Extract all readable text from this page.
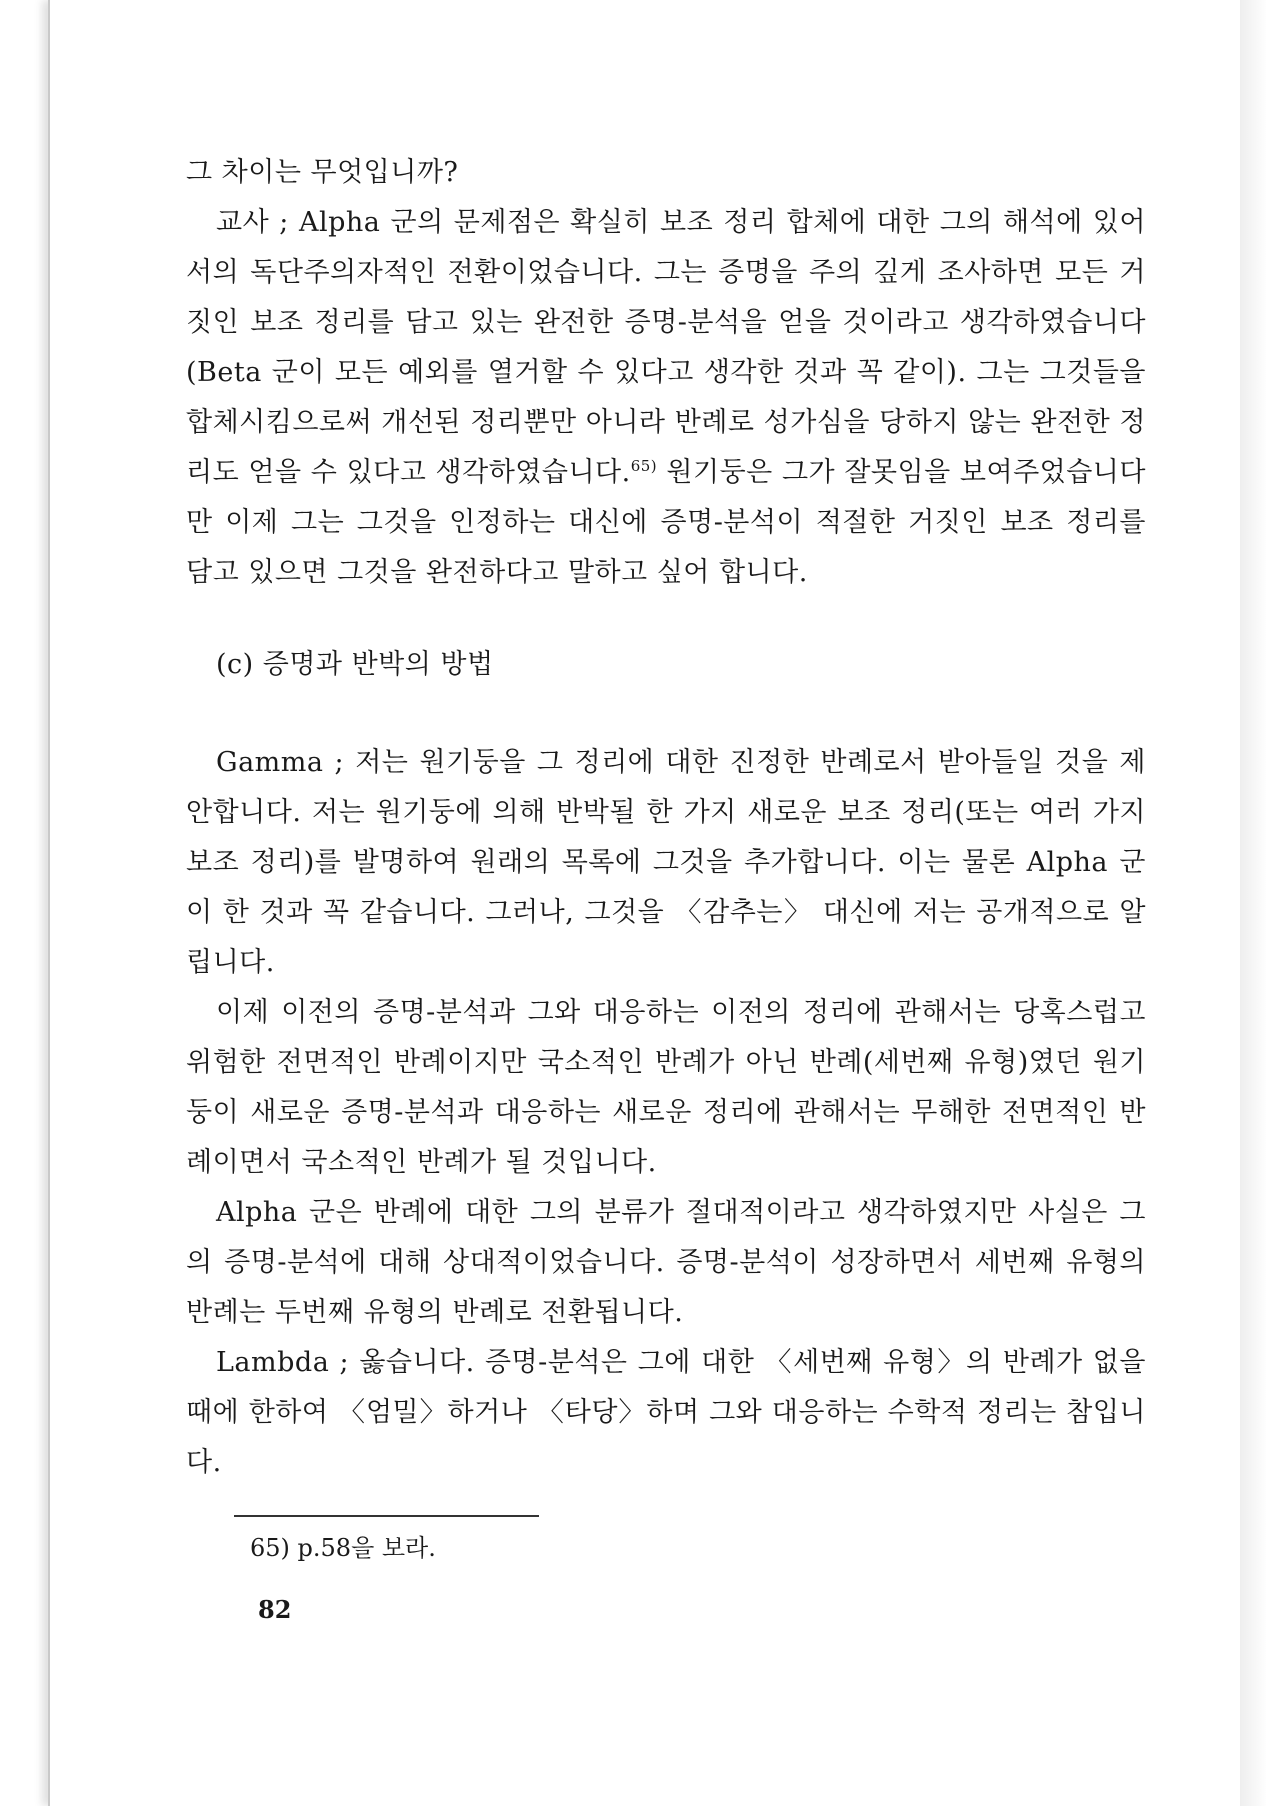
그 차이는 무엇입니까?

교사 ; Alpha 군의 문제점은 확실히 보조 정리 합체에 대한 그의 해석에 있어서의 독단주의자적인 전환이었습니다. 그는 증명을 주의 깊게 조사하면 모든 거짓인 보조 정리를 담고 있는 완전한 증명-분석을 얻을 것이라고 생각하였습니다(Beta 군이 모든 예외를 열거할 수 있다고 생각한 것과 꼭 같이). 그는 그것들을 합체시킴으로써 개선된 정리뿐만 아니라 반례로 성가심을 당하지 않는 완전한 정리도 얻을 수 있다고 생각하였습니다.$^{65)}$ 원기둥은 그가 잘못임을 보여주었습니다만 이제 그는 그것을 인정하는 대신에 증명-분석이 적절한 거짓인 보조 정리를 담고 있으면 그것을 완전하다고 말하고 싶어 합니다.

(c) 증명과 반박의 방법

Gamma ; 저는 원기둥을 그 정리에 대한 진정한 반례로서 받아들일 것을 제안합니다. 저는 원기둥에 의해 반박될 한 가지 새로운 보조 정리(또는 여러 가지 보조 정리)를 발명하여 원래의 목록에 그것을 추가합니다. 이는 물론 Alpha 군이 한 것과 꼭 같습니다. 그러나, 그것을 〈감추는〉 대신에 저는 공개적으로 알립니다.

이제 이전의 증명-분석과 그와 대응하는 이전의 정리에 관해서는 당혹스럽고 위험한 전면적인 반례이지만 국소적인 반례가 아닌 반례(세번째 유형)였던 원기둥이 새로운 증명-분석과 대응하는 새로운 정리에 관해서는 무해한 전면적인 반례이면서 국소적인 반례가 될 것입니다.

Alpha 군은 반례에 대한 그의 분류가 절대적이라고 생각하였지만 사실은 그의 증명-분석에 대해 상대적이었습니다. 증명-분석이 성장하면서 세번째 유형의 반례는 두번째 유형의 반례로 전환됩니다.

Lambda ; 옳습니다. 증명-분석은 그에 대한 〈세번째 유형〉의 반례가 없을 때에 한하여 〈엄밀〉하거나 〈타당〉하며 그와 대응하는 수학적 정리는 참입니다.

65) p.58을 보라.
82
